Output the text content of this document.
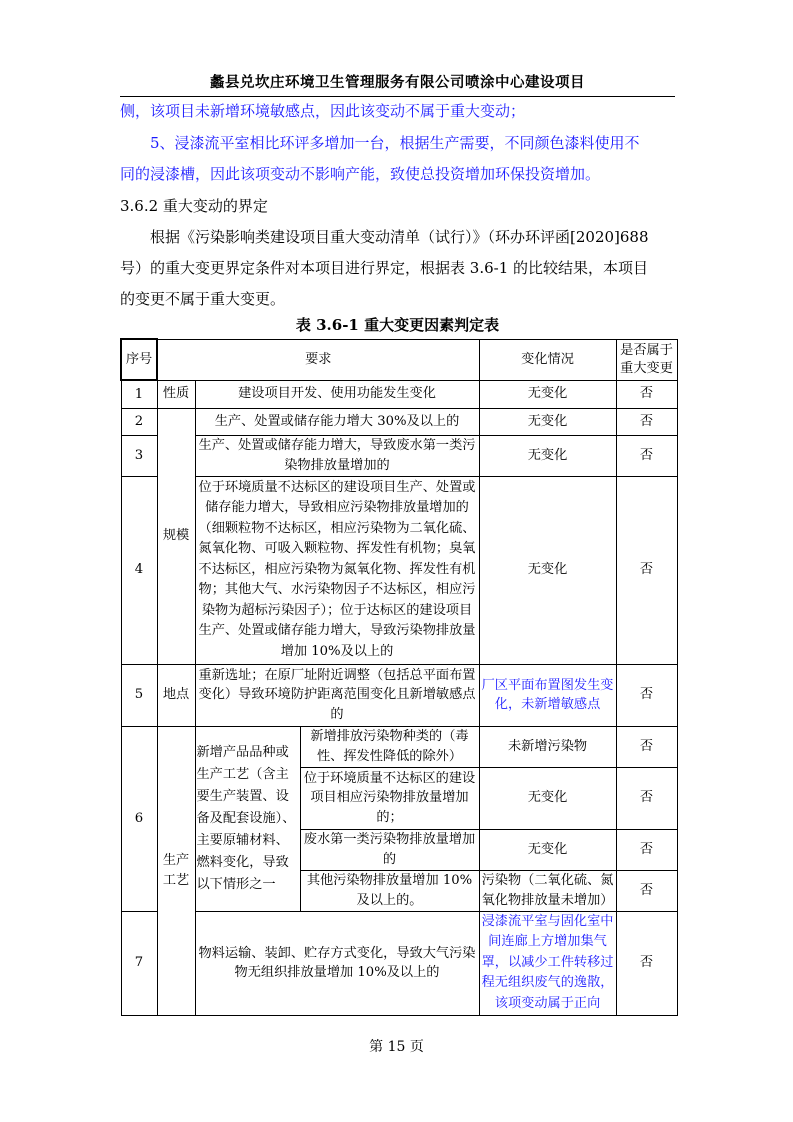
蠡县兑坎庄环境卫生管理服务有限公司喷涂中心建设项目

侧，该项目未新增环境敏感点，因此该变动不属于重大变动；

5、浸漆流平室相比环评多增加一台，根据生产需要，不同颜色漆料使用不

同的浸漆槽，因此该项变动不影响产能，致使总投资增加环保投资增加。

3.6.2 重大变动的界定

根据《污染影响类建设项目重大变动清单（试行）》（环办环评函[2020]688

号）的重大变更界定条件对本项目进行界定，根据表 3.6-1 的比较结果，本项目

的变更不属于重大变更。

表 3.6-1 重大变更因素判定表
序号	要求			变化情况	是否属于重大变更
1	性质	建设项目开发、使用功能发生变化		无变化	否
2	规模	生产、处置或储存能力增大 30%及以上的		无变化	否
3		生产、处置或储存能力增大，导致废水第一类污染物排放量增加的		无变化	否
4		位于环境质量不达标区的建设项目生产、处置或储存能力增大，导致相应污染物排放量增加的（细颗粒物不达标区，相应污染物为二氧化硫、氮氧化物、可吸入颗粒物、挥发性有机物；臭氧不达标区，相应污染物为氮氧化物、挥发性有机物；其他大气、水污染物因子不达标区，相应污染物为超标污染因子）；位于达标区的建设项目生产、处置或储存能力增大，导致污染物排放量增加 10%及以上的		无变化	否
5	地点	重新选址；在原厂址附近调整（包括总平面布置变化）导致环境防护距离范围变化且新增敏感点的		厂区平面布置图发生变化，未新增敏感点	否
6	生产工艺	新增产品品种或生产工艺（含主要生产装置、设备及配套设施）、主要原辅材料、燃料变化，导致以下情形之一	新增排放污染物种类的（毒性、挥发性降低的除外）	未新增污染物	否
			位于环境质量不达标区的建设项目相应污染物排放量增加的；	无变化	否
			废水第一类污染物排放量增加的	无变化	否
			其他污染物排放量增加 10%及以上的。	污染物（二氧化硫、氮氧化物排放量未增加）	否
7		物料运输、装卸、贮存方式变化，导致大气污染物无组织排放量增加 10%及以上的		浸漆流平室与固化室中间连廊上方增加集气罩，以减少工件转移过程无组织废气的逸散，该项变动属于正向	否
第 15 页
